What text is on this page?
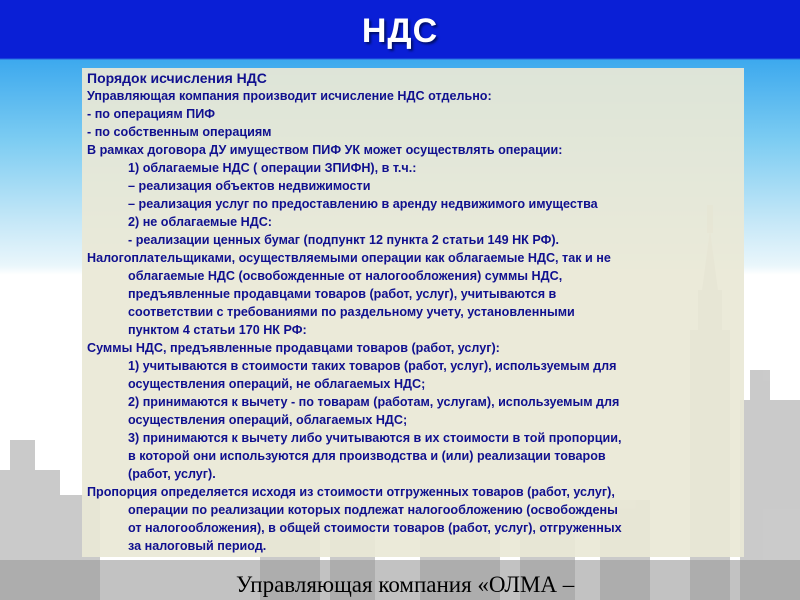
НДС
Порядок исчисления НДС
Управляющая компания производит исчисление НДС отдельно:
- по операциям ПИФ
- по собственным операциям
В рамках договора ДУ имуществом ПИФ УК может осуществлять операции:
1) облагаемые НДС ( операции ЗПИФН), в т.ч.:
– реализация объектов недвижимости
– реализация услуг по предоставлению в аренду недвижимого имущества
2) не облагаемые НДС:
- реализации ценных бумаг (подпункт 12 пункта 2 статьи 149 НК РФ).
Налогоплательщиками, осуществляемыми операции как облагаемые НДС, так и не
облагаемые НДС (освобожденные от налогообложения) суммы НДС,
предъявленные продавцами товаров (работ, услуг), учитываются в
соответствии с требованиями по раздельному учету, установленными
пунктом 4 статьи 170 НК РФ:
Суммы НДС, предъявленные продавцами товаров (работ, услуг):
1) учитываются в стоимости таких товаров (работ, услуг), используемым для
осуществления операций, не облагаемых НДС;
2) принимаются к вычету - по товарам (работам, услугам), используемым для
осуществления операций, облагаемых НДС;
3) принимаются к вычету либо учитываются в их стоимости в той пропорции,
в которой они используются для производства и (или) реализации товаров
(работ, услуг).
Пропорция определяется исходя из стоимости отгруженных товаров (работ, услуг),
операции по реализации которых подлежат налогообложению (освобождены
от налогообложения), в общей стоимости товаров (работ, услуг), отгруженных
за налоговый период.
Управляющая компания «ОЛМА –
